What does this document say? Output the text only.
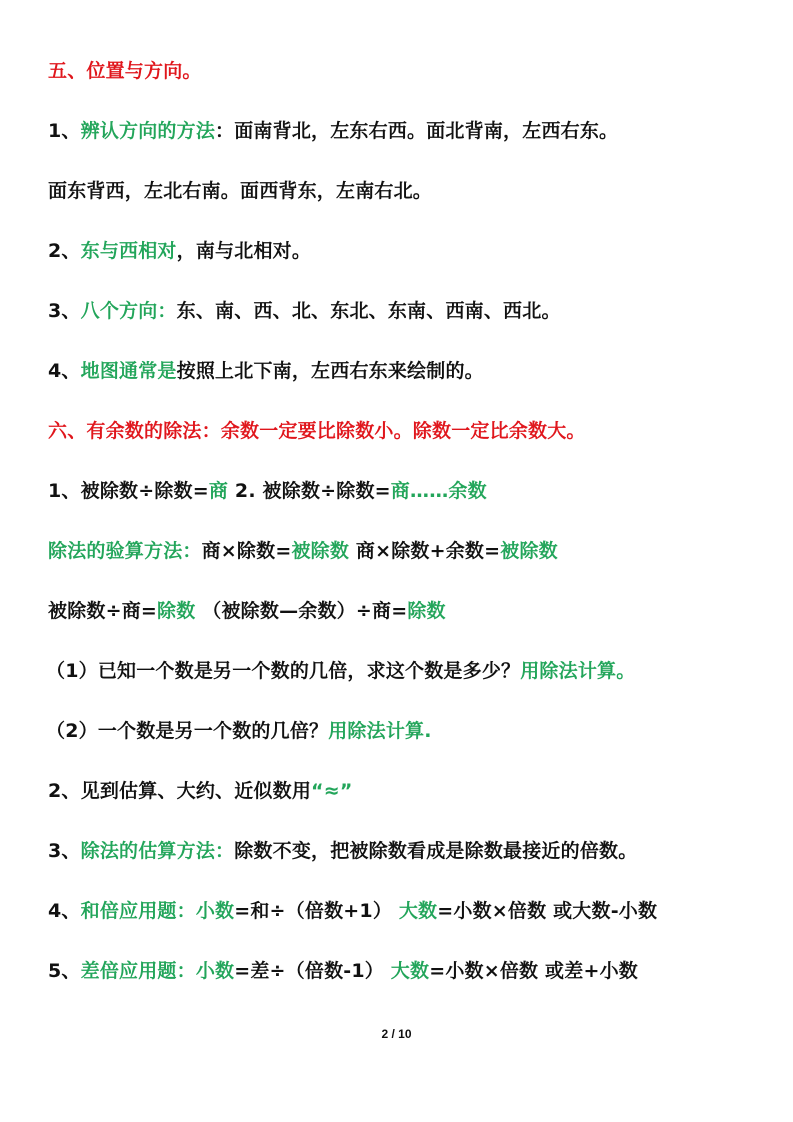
五、位置与方向。
1、辨认方向的方法：面南背北，左东右西。面北背南，左西右东。
面东背西，左北右南。面西背东，左南右北。
2、东与西相对，南与北相对。
3、八个方向：东、南、西、北、东北、东南、西南、西北。
4、地图通常是按照上北下南，左西右东来绘制的。
六、有余数的除法：余数一定要比除数小。除数一定比余数大。
1、被除数÷除数=商 2. 被除数÷除数=商……余数
除法的验算方法：商×除数=被除数 商×除数+余数=被除数
被除数÷商=除数 （被除数—余数）÷商=除数
（1）已知一个数是另一个数的几倍，求这个数是多少？用除法计算。
（2）一个数是另一个数的几倍？用除法计算.
2、见到估算、大约、近似数用“≈”
3、除法的估算方法：除数不变，把被除数看成是除数最接近的倍数。
4、和倍应用题：小数=和÷（倍数+1） 大数=小数×倍数 或大数-小数
5、差倍应用题：小数=差÷（倍数-1） 大数=小数×倍数 或差+小数
2 / 10
